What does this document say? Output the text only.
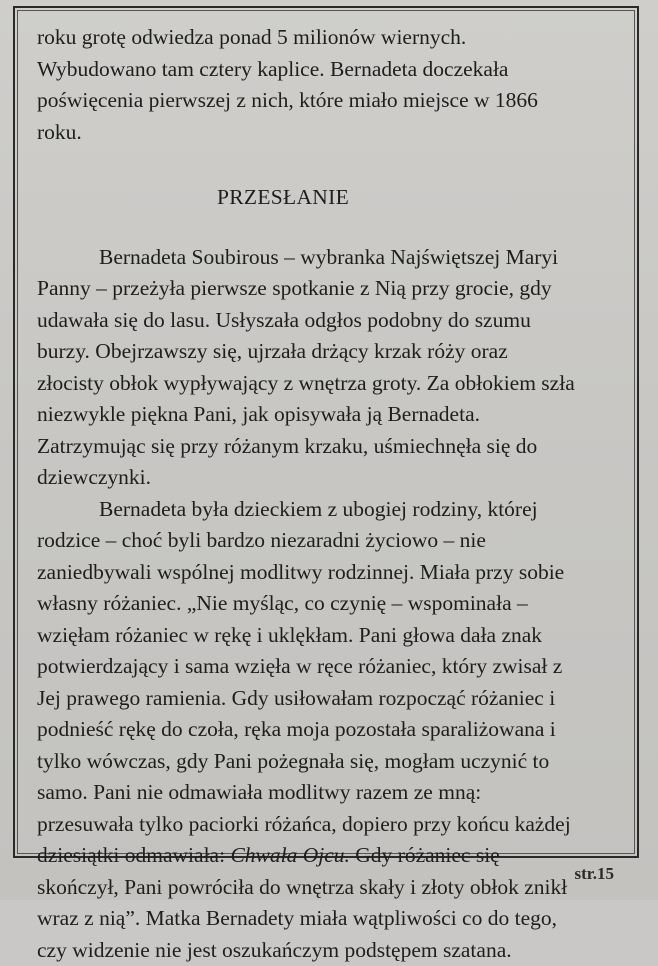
roku grotę odwiedza ponad 5 milionów wiernych.
Wybudowano tam cztery kaplice. Bernadeta doczekała
poświęcenia pierwszej z nich, które miało miejsce w 1866
roku.
PRZESŁANIE
Bernadeta Soubirous – wybranka Najświętszej Maryi
Panny – przeżyła pierwsze spotkanie z Nią przy grocie, gdy
udawała się do lasu. Usłyszała odgłos podobny do szumu
burzy. Obejrzawszy się, ujrzała drżący krzak róży oraz
złocisty obłok wypływający z wnętrza groty. Za obłokiem szła
niezwykle piękna Pani, jak opisywała ją Bernadeta.
Zatrzymując się przy różanym krzaku, uśmiechnęła się do
dziewczynki.
Bernadeta była dzieckiem z ubogiej rodziny, której
rodzice – choć byli bardzo niezaradni życiowo – nie
zaniedbywali wspólnej modlitwy rodzinnej. Miała przy sobie
własny różaniec. „Nie myśląc, co czynię – wspominała –
wzięłam różaniec w rękę i uklękłam. Pani głowa dała znak
potwierdzający i sama wzięła w ręce różaniec, który zwisał z
Jej prawego ramienia. Gdy usiłowałam rozpocząć różaniec i
podnieść rękę do czoła, ręka moja pozostała sparaliżowana i
tylko wówczas, gdy Pani pożegnała się, mogłam uczynić to
samo. Pani nie odmawiała modlitwy razem ze mną:
przesuwała tylko paciorki różańca, dopiero przy końcu każdej
dziesiątki odmawiała: Chwała Ojcu. Gdy różaniec się
skończył, Pani powróciła do wnętrza skały i złoty obłok znikł
wraz z nią”. Matka Bernadety miała wątpliwości co do tego,
czy widzenie nie jest oszukańczym podstępem szatana.
str.15
